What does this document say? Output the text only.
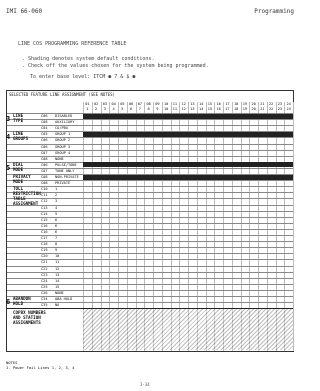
IMI 66-060	Programming
LINE COS PROGRAMMING REFERENCE TABLE
. Shading denotes system default conditions.
. Check off the values chosen for the system being programmed.
To enter base level: ITCM ● 7 & $ ●
SELECTED FEATURE LINE ASSIGNMENT (SEE NOTES)
01
1
02
2
03
3
04
4
05
5
06
6
07
7
08
8
09
9
10
10
11
11
12
12
13
13
14
14
15
15
16
16
17
17
18
18
19
19
20
20
21
21
22
22
23
23
24
24
C06 DISABLED
C08 AUXILIARY
C04 CO/PBX
LINE
TYPE
3
C05 GROUP 1
C06 GROUP 2
C06 GROUP 3
C07 GROUP 4
C08 NONE
LINE
GROUPS
4
C06 PULSE/TONE
C07 TONE ONLY
DIAL
MODE
5
C08 NON-PRIVATE
C08 PRIVATE
PRIVACY
MODE
C10 1
C11 2
C12 3
C13 4
C14 5
C15 6
C16 6
C16 6
C17 7
C18 8
C19 9
C20 10
C21 11
C22 12
C23 13
C24 14
C25 15
C26 NONE
TOLL
RESTRICTION
TABLE
ASSIGNMENT
C34 ABA HOLD
C35 NO
ABANDON
HOLD
6
COPBX NUMBERS
AND STATION
ASSIGNMENTS
NOTES
1. Power Fail Lines 1, 2, 3, 4
3-34
